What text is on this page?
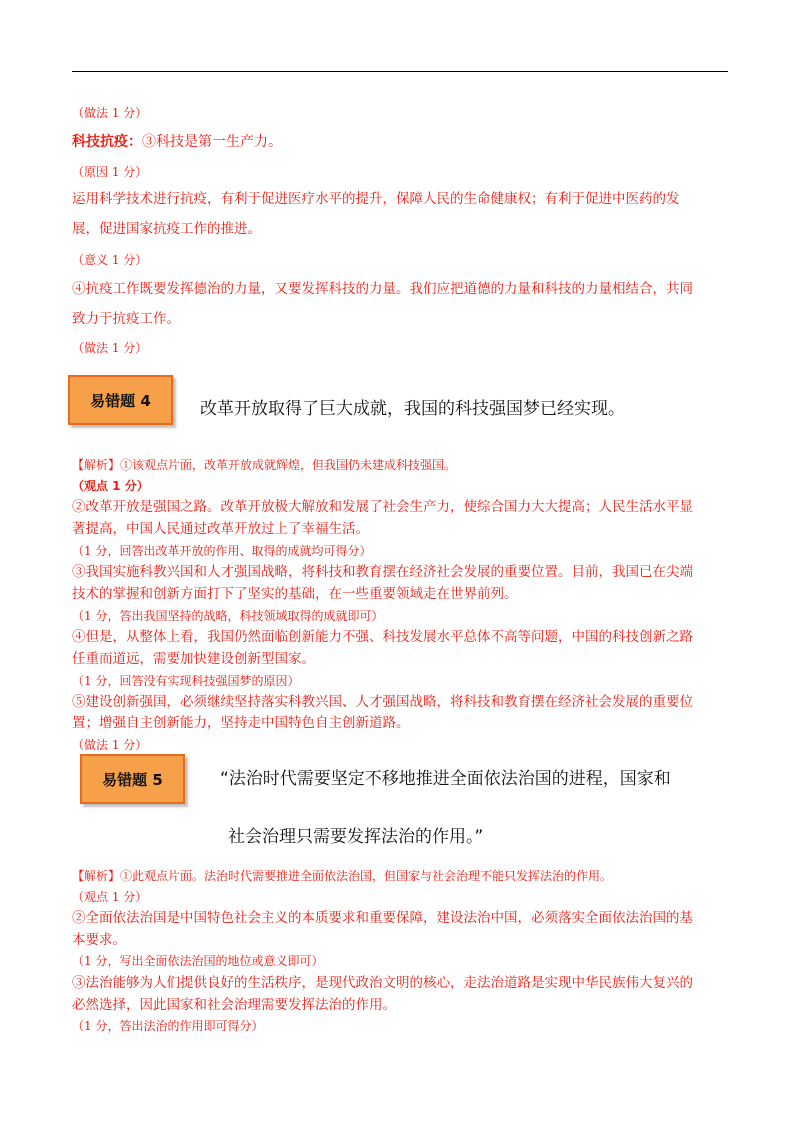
（做法 1 分）
科技抗疫：③科技是第一生产力。
（原因 1 分）
运用科学技术进行抗疫，有利于促进医疗水平的提升，保障人民的生命健康权；有利于促进中医药的发
展，促进国家抗疫工作的推进。
（意义 1 分）
④抗疫工作既要发挥德治的力量，又要发挥科技的力量。我们应把道德的力量和科技的力量相结合，共同
致力于抗疫工作。
（做法 1 分）
易错题 4	改革开放取得了巨大成就，我国的科技强国梦已经实现。
【解析】①该观点片面，改革开放成就辉煌，但我国仍未建成科技强国。
（观点 1 分）
②改革开放是强国之路。改革开放极大解放和发展了社会生产力，使综合国力大大提高；人民生活水平显
著提高，中国人民通过改革开放过上了幸福生活。
（1 分，回答出改革开放的作用、取得的成就均可得分）
③我国实施科教兴国和人才强国战略，将科技和教育摆在经济社会发展的重要位置。目前，我国已在尖端
技术的掌握和创新方面打下了坚实的基础，在一些重要领域走在世界前列。
（1 分，答出我国坚持的战略，科技领域取得的成就即可）
④但是，从整体上看，我国仍然面临创新能力不强、科技发展水平总体不高等问题，中国的科技创新之路
任重而道远，需要加快建设创新型国家。
（1 分，回答没有实现科技强国梦的原因）
⑤建设创新强国，必须继续坚持落实科教兴国、人才强国战略，将科技和教育摆在经济社会发展的重要位
置；增强自主创新能力，坚持走中国特色自主创新道路。
（做法 1 分）
易错题 5	“法治时代需要坚定不移地推进全面依法治国的进程，国家和
社会治理只需要发挥法治的作用。”
【解析】①此观点片面。法治时代需要推进全面依法治国，但国家与社会治理不能只发挥法治的作用。
（观点 1 分）
②全面依法治国是中国特色社会主义的本质要求和重要保障，建设法治中国，必须落实全面依法治国的基
本要求。
（1 分，写出全面依法治国的地位或意义即可）
③法治能够为人们提供良好的生活秩序，是现代政治文明的核心，走法治道路是实现中华民族伟大复兴的
必然选择，因此国家和社会治理需要发挥法治的作用。
（1 分，答出法治的作用即可得分）
